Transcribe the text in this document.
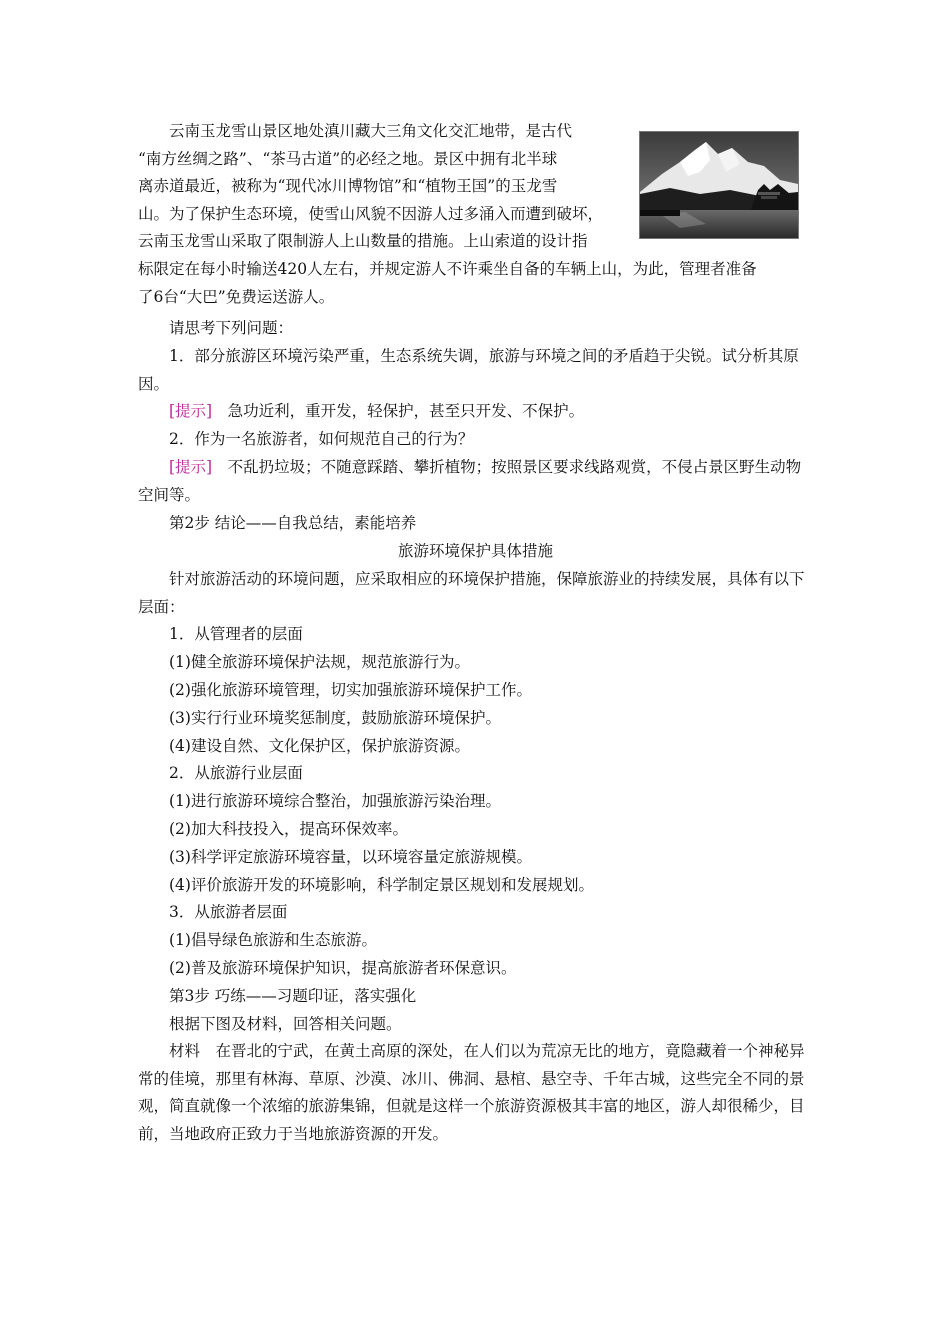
云南玉龙雪山景区地处滇川藏大三角文化交汇地带，是古代
“南方丝绸之路”、“茶马古道”的必经之地。景区中拥有北半球
离赤道最近，被称为“现代冰川博物馆”和“植物王国”的玉龙雪
山。为了保护生态环境，使雪山风貌不因游人过多涌入而遭到破坏，
云南玉龙雪山采取了限制游人上山数量的措施。上山索道的设计指
标限定在每小时输送420人左右，并规定游人不许乘坐自备的车辆上山，为此，管理者准备
了6台“大巴”免费运送游人。

请思考下列问题：

1．部分旅游区环境污染严重，生态系统失调，旅游与环境之间的矛盾趋于尖锐。试分析其原因。

[提示]　 急功近利，重开发，轻保护，甚至只开发、不保护。

2．作为一名旅游者，如何规范自己的行为？

[提示]　 不乱扔垃圾；不随意踩踏、攀折植物；按照景区要求线路观赏，不侵占景区野生动物空间等。

第2步 结论——自我总结，素能培养

旅游环境保护具体措施

针对旅游活动的环境问题，应采取相应的环境保护措施，保障旅游业的持续发展，具体有以下层面：

1．从管理者的层面

(1)健全旅游环境保护法规，规范旅游行为。

(2)强化旅游环境管理，切实加强旅游环境保护工作。

(3)实行行业环境奖惩制度，鼓励旅游环境保护。

(4)建设自然、文化保护区，保护旅游资源。

2．从旅游行业层面

(1)进行旅游环境综合整治，加强旅游污染治理。

(2)加大科技投入，提高环保效率。

(3)科学评定旅游环境容量，以环境容量定旅游规模。

(4)评价旅游开发的环境影响，科学制定景区规划和发展规划。

3．从旅游者层面

(1)倡导绿色旅游和生态旅游。

(2)普及旅游环境保护知识，提高旅游者环保意识。

第3步 巧练——习题印证，落实强化

根据下图及材料，回答相关问题。

材料　在晋北的宁武，在黄土高原的深处，在人们以为荒凉无比的地方，竟隐藏着一个神秘异常的佳境，那里有林海、草原、沙漠、冰川、佛洞、悬棺、悬空寺、千年古城，这些完全不同的景观，简直就像一个浓缩的旅游集锦，但就是这样一个旅游资源极其丰富的地区，游人却很稀少，目前，当地政府正致力于当地旅游资源的开发。
